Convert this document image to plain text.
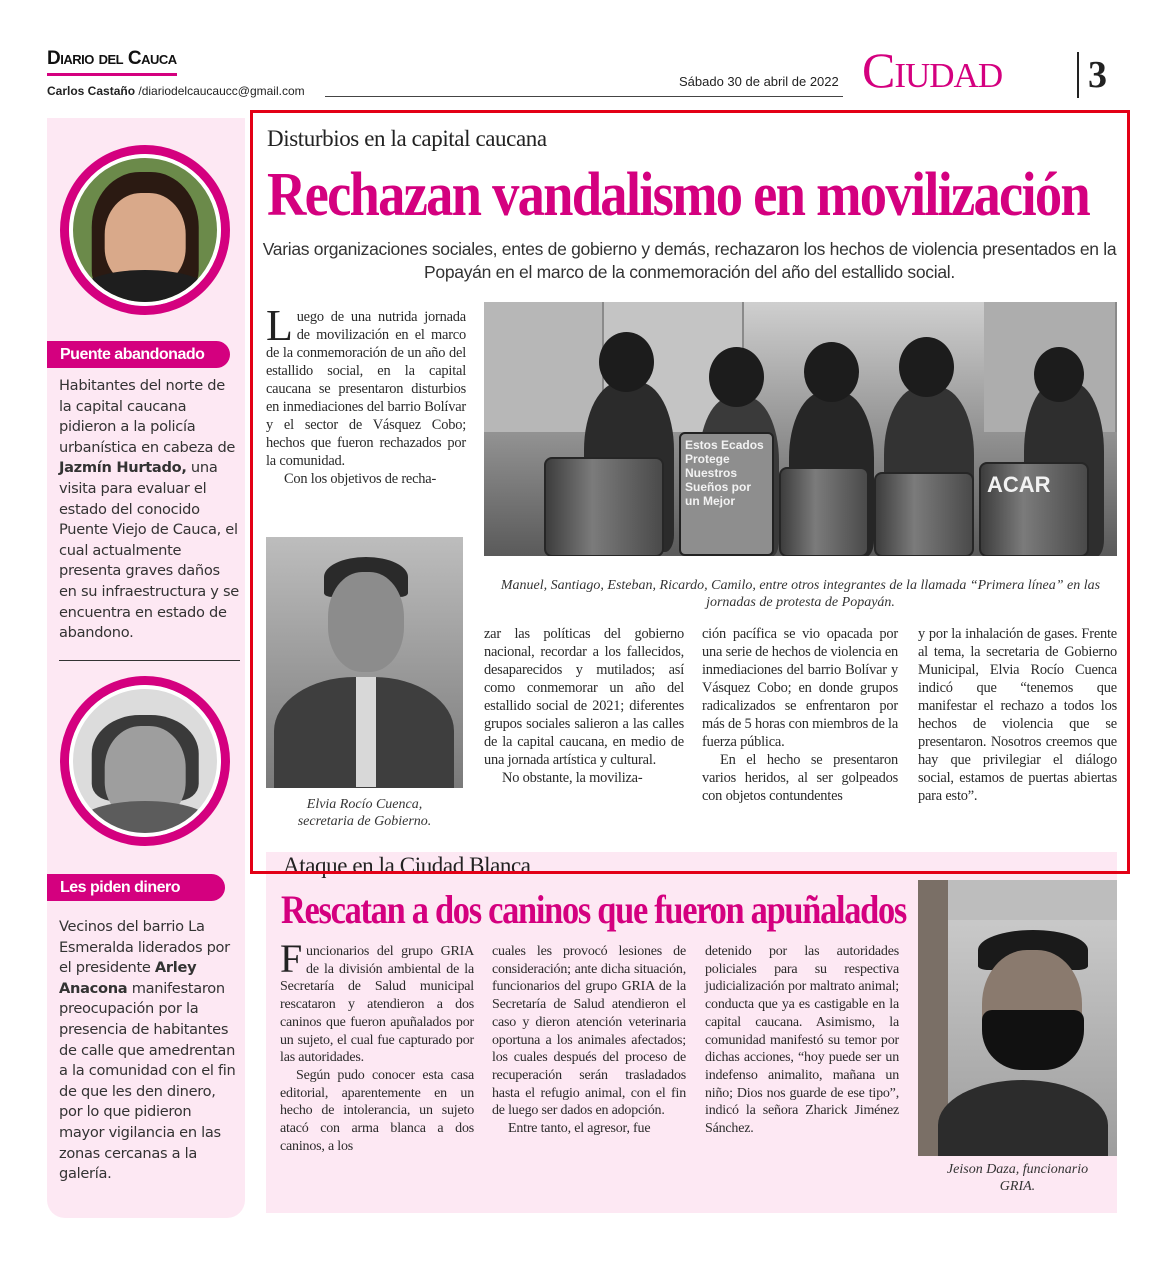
Diario del Cauca
Carlos Castaño /diariodelcaucaucc@gmail.com
Sábado 30 de abril de 2022 Ciudad 3
Puente abandonado
Habitantes del norte de la capital caucana pidieron a la policía urbanística en cabeza de Jazmín Hurtado, una visita para evaluar el estado del conocido Puente Viejo de Cauca, el cual actualmente presenta graves daños en su infraestructura y se encuentra en estado de abandono.
Les piden dinero
Vecinos del barrio La Esmeralda liderados por el presidente Arley Anacona manifestaron preocupación por la presencia de habitantes de calle que amedrentan a la comunidad con el fin de que les den dinero, por lo que pidieron mayor vigilancia en las zonas cercanas a la galería.
Ataque en la Ciudad Blanca
Rescatan a dos caninos que fueron apuñalados

Funcionarios del grupo GRIA de la división ambiental de la Secretaría de Salud municipal rescataron y atendieron a dos caninos que fueron apuñalados por un sujeto, el cual fue capturado por las autoridades.

Según pudo conocer esta casa editorial, aparentemente en un hecho de intolerancia, un sujeto atacó con arma blanca a dos caninos, a los

cuales les provocó lesiones de consideración; ante dicha situación, funcionarios del grupo GRIA de la Secretaría de Salud atendieron el caso y dieron atención veterinaria oportuna a los animales afectados; los cuales después del proceso de recuperación serán trasladados hasta el refugio animal, con el fin de luego ser dados en adopción.

Entre tanto, el agresor, fue

detenido por las autoridades policiales para su respectiva judicialización por maltrato animal; conducta que ya es castigable en la capital caucana. Asimismo, la comunidad manifestó su temor por dichas acciones, “hoy puede ser un indefenso animalito, mañana un niño; Dios nos guarde de ese tipo”, indicó la señora Zharick Jiménez Sánchez.

Jeison Daza, funcionario
GRIA.
Disturbios en la capital caucana
Rechazan vandalismo en movilización
Varias organizaciones sociales, entes de gobierno y demás, rechazaron los hechos de violencia presentados en la Popayán en el marco de la conmemoración del año del estallido social.

Luego de una nutrida jornada de movilización en el marco de la conmemoración de un año del estallido social, en la capital caucana se presentaron disturbios en inmediaciones del barrio Bolívar y el sector de Vásquez Cobo; hechos que fueron rechazados por la comunidad.

Con los objetivos de recha-

Estos Ecados Protege Nuestros Sueños por un Mejor
ACAR
Manuel, Santiago, Esteban, Ricardo, Camilo, entre otros integrantes de la llamada “Primera línea” en las jornadas de protesta de Popayán.
Elvia Rocío Cuenca,
secretaria de Gobierno.

zar las políticas del gobierno nacional, recordar a los fallecidos, desaparecidos y mutilados; así como conmemorar un año del estallido social de 2021; diferentes grupos sociales salieron a las calles de la capital caucana, en medio de una jornada artística y cultural.

No obstante, la moviliza-

ción pacífica se vio opacada por una serie de hechos de violencia en inmediaciones del barrio Bolívar y Vásquez Cobo; en donde grupos radicalizados se enfrentaron por más de 5 horas con miembros de la fuerza pública.

En el hecho se presentaron varios heridos, al ser golpeados con objetos contundentes

y por la inhalación de gases. Frente al tema, la secretaria de Gobierno Municipal, Elvia Rocío Cuenca indicó que “tenemos que manifestar el rechazo a todos los hechos de violencia que se presentaron. Nosotros creemos que hay que privilegiar el diálogo social, estamos de puertas abiertas para esto”.
